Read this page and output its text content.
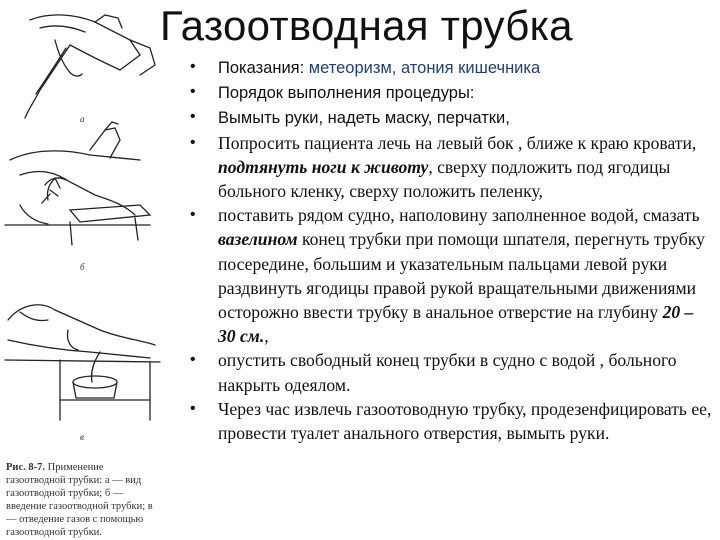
Газоотводная трубка
а
б
в
Рис. 8-7. Применение газоотводной трубки: а — вид газоотводной трубки; б — введение газоотводной трубки; в — отведение газов с помощью газоотводной трубки.
• Показания: метеоризм, атония кишечника
• Порядок выполнения процедуры:
• Вымыть руки, надеть маску, перчатки,
• Попросить пациента лечь на левый бок , ближе к краю кровати, подтянуть ноги к животу, сверху подложить под ягодицы больного кленку, сверху положить пеленку,
• поставить рядом судно, наполовину заполненное водой, смазать вазелином конец трубки при помощи шпателя, перегнуть трубку посередине, большим и указательным пальцами левой руки раздвинуть ягодицы правой рукой вращательными движениями осторожно ввести трубку в анальное отверстие на глубину 20 – 30 см.,
• опустить свободный конец трубки в судно с водой , больного накрыть одеялом.
• Через час извлечь газоотоводную трубку, продезенфицировать ее, провести туалет анального отверстия, вымыть руки.
